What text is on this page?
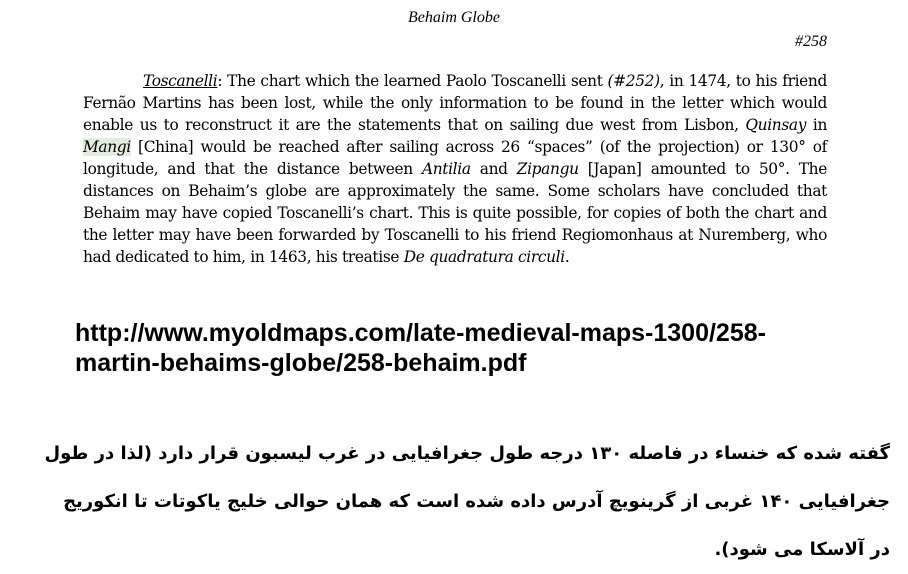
Behaim Globe
#258

Toscanelli: The chart which the learned Paolo Toscanelli sent (#252), in 1474, to his friend Fernão Martins has been lost, while the only information to be found in the letter which would enable us to reconstruct it are the statements that on sailing due west from Lisbon, Quinsay in Mangi [China] would be reached after sailing across 26 “spaces” (of the projection) or 130° of longitude, and that the distance between Antilia and Zipangu [Japan] amounted to 50°. The distances on Behaim’s globe are approximately the same. Some scholars have concluded that Behaim may have copied Toscanelli’s chart. This is quite possible, for copies of both the chart and the letter may have been forwarded by Toscanelli to his friend Regiomonhaus at Nuremberg, who had dedicated to him, in 1463, his treatise De quadratura circuli.

http://www.myoldmaps.com/late-medieval-maps-1300/258-
martin-behaims-globe/258-behaim.pdf
گفته شده که خنساء در فاصله ۱۳۰ درجه طول جغرافیایی در غرب لیسبون قرار دارد (لذا در طول
جغرافیایی ۱۴۰ غربی از گرینویچ آدرس داده شده است که همان حوالی خلیج یاکوتات تا انکوریج
در آلاسکا می شود).
